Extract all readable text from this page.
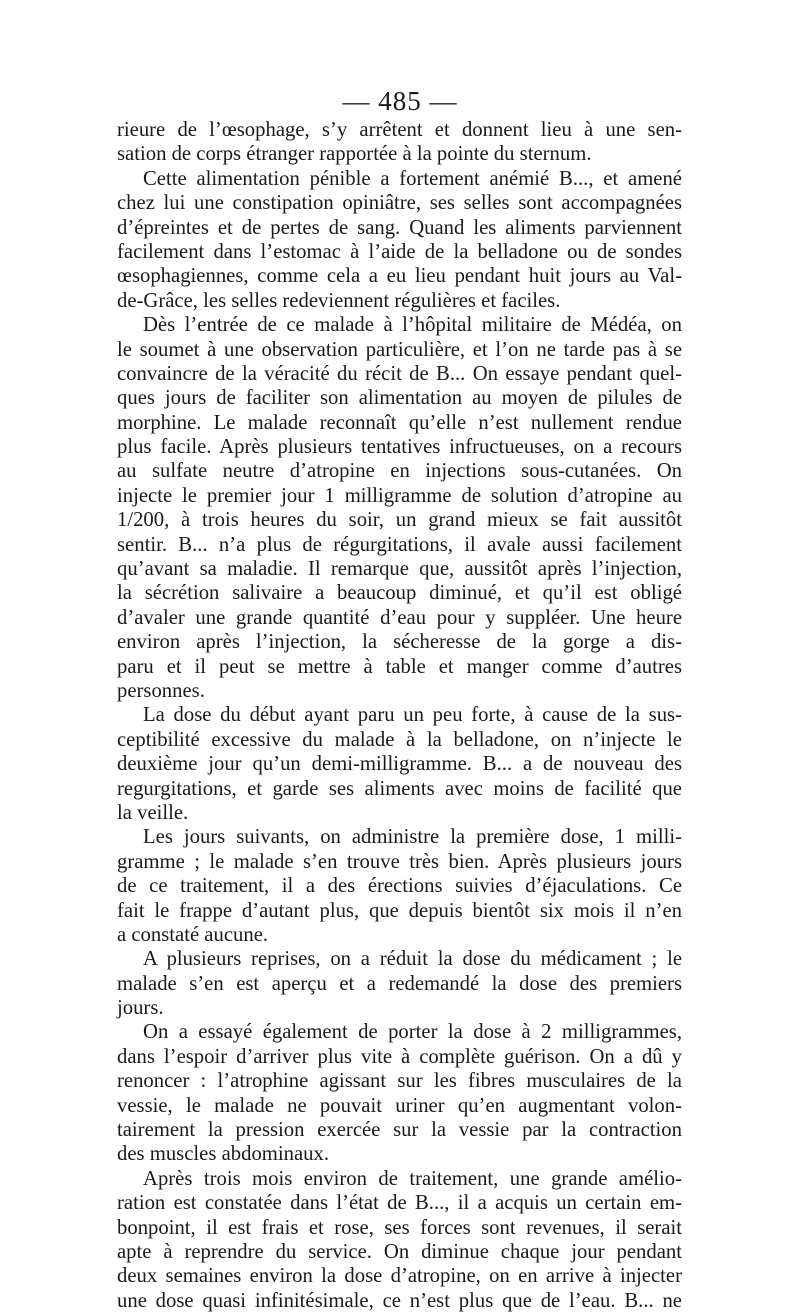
— 485 —
rieure de l’œsophage, s’y arrêtent et donnent lieu à une sen-
sation de corps étranger rapportée à la pointe du sternum.
Cette alimentation pénible a fortement anémié B..., et amené
chez lui une constipation opiniâtre, ses selles sont accompagnées
d’épreintes et de pertes de sang. Quand les aliments parviennent
facilement dans l’estomac à l’aide de la belladone ou de sondes
œsophagiennes, comme cela a eu lieu pendant huit jours au Val-
de-Grâce, les selles redeviennent régulières et faciles.
Dès l’entrée de ce malade à l’hôpital militaire de Médéa, on
le soumet à une observation particulière, et l’on ne tarde pas à se
convaincre de la véracité du récit de B... On essaye pendant quel-
ques jours de faciliter son alimentation au moyen de pilules de
morphine. Le malade reconnaît qu’elle n’est nullement rendue
plus facile. Après plusieurs tentatives infructueuses, on a recours
au sulfate neutre d’atropine en injections sous-cutanées. On
injecte le premier jour 1 milligramme de solution d’atropine au
1/200, à trois heures du soir, un grand mieux se fait aussitôt
sentir. B... n’a plus de régurgitations, il avale aussi facilement
qu’avant sa maladie. Il remarque que, aussitôt après l’injection,
la sécrétion salivaire a beaucoup diminué, et qu’il est obligé
d’avaler une grande quantité d’eau pour y suppléer. Une heure
environ après l’injection, la sécheresse de la gorge a dis-
paru et il peut se mettre à table et manger comme d’autres
personnes.
La dose du début ayant paru un peu forte, à cause de la sus-
ceptibilité excessive du malade à la belladone, on n’injecte le
deuxième jour qu’un demi-milligramme. B... a de nouveau des
regurgitations, et garde ses aliments avec moins de facilité que
la veille.
Les jours suivants, on administre la première dose, 1 milli-
gramme ; le malade s’en trouve très bien. Après plusieurs jours
de ce traitement, il a des érections suivies d’éjaculations. Ce
fait le frappe d’autant plus, que depuis bientôt six mois il n’en
a constaté aucune.
A plusieurs reprises, on a réduit la dose du médicament ; le
malade s’en est aperçu et a redemandé la dose des premiers
jours.
On a essayé également de porter la dose à 2 milligrammes,
dans l’espoir d’arriver plus vite à complète guérison. On a dû y
renoncer : l’atrophine agissant sur les fibres musculaires de la
vessie, le malade ne pouvait uriner qu’en augmentant volon-
tairement la pression exercée sur la vessie par la contraction
des muscles abdominaux.
Après trois mois environ de traitement, une grande amélio-
ration est constatée dans l’état de B..., il a acquis un certain em-
bonpoint, il est frais et rose, ses forces sont revenues, il serait
apte à reprendre du service. On diminue chaque jour pendant
deux semaines environ la dose d’atropine, on en arrive à injecter
une dose quasi infinitésimale, ce n’est plus que de l’eau. B... ne
